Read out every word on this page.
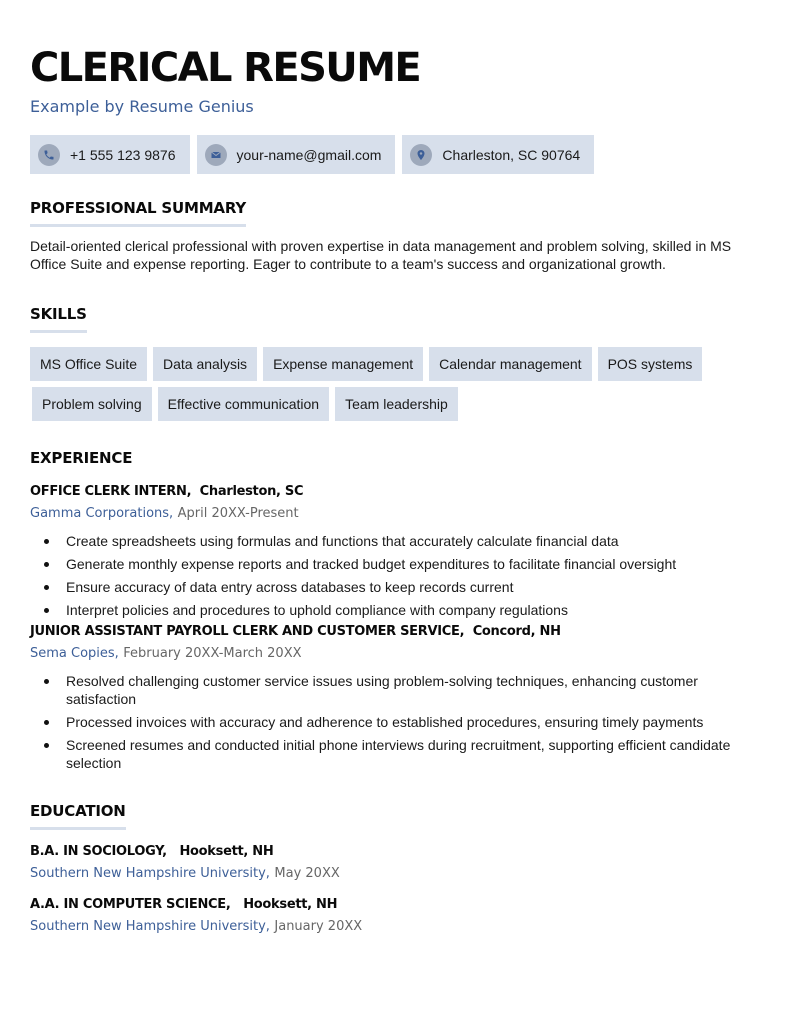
CLERICAL RESUME
Example by Resume Genius
+1 555 123 9876	your-name@gmail.com	Charleston, SC 90764
PROFESSIONAL SUMMARY

Detail-oriented clerical professional with proven expertise in data management and problem solving, skilled in MS Office Suite and expense reporting. Eager to contribute to a team's success and organizational growth.

SKILLS
MS Office Suite	Data analysis	Expense management	Calendar management	POS systems
Problem solving	Effective communication	Team leadership
EXPERIENCE
OFFICE CLERK INTERN, Charleston, SC
Gamma Corporations, April 20XX-Present
Create spreadsheets using formulas and functions that accurately calculate financial data
Generate monthly expense reports and tracked budget expenditures to facilitate financial oversight
Ensure accuracy of data entry across databases to keep records current
Interpret policies and procedures to uphold compliance with company regulations
JUNIOR ASSISTANT PAYROLL CLERK AND CUSTOMER SERVICE, Concord, NH
Sema Copies, February 20XX-March 20XX
Resolved challenging customer service issues using problem-solving techniques, enhancing customer satisfaction
Processed invoices with accuracy and adherence to established procedures, ensuring timely payments
Screened resumes and conducted initial phone interviews during recruitment, supporting efficient candidate selection
EDUCATION
B.A. IN SOCIOLOGY, Hooksett, NH
Southern New Hampshire University, May 20XX
A.A. IN COMPUTER SCIENCE, Hooksett, NH
Southern New Hampshire University, January 20XX
